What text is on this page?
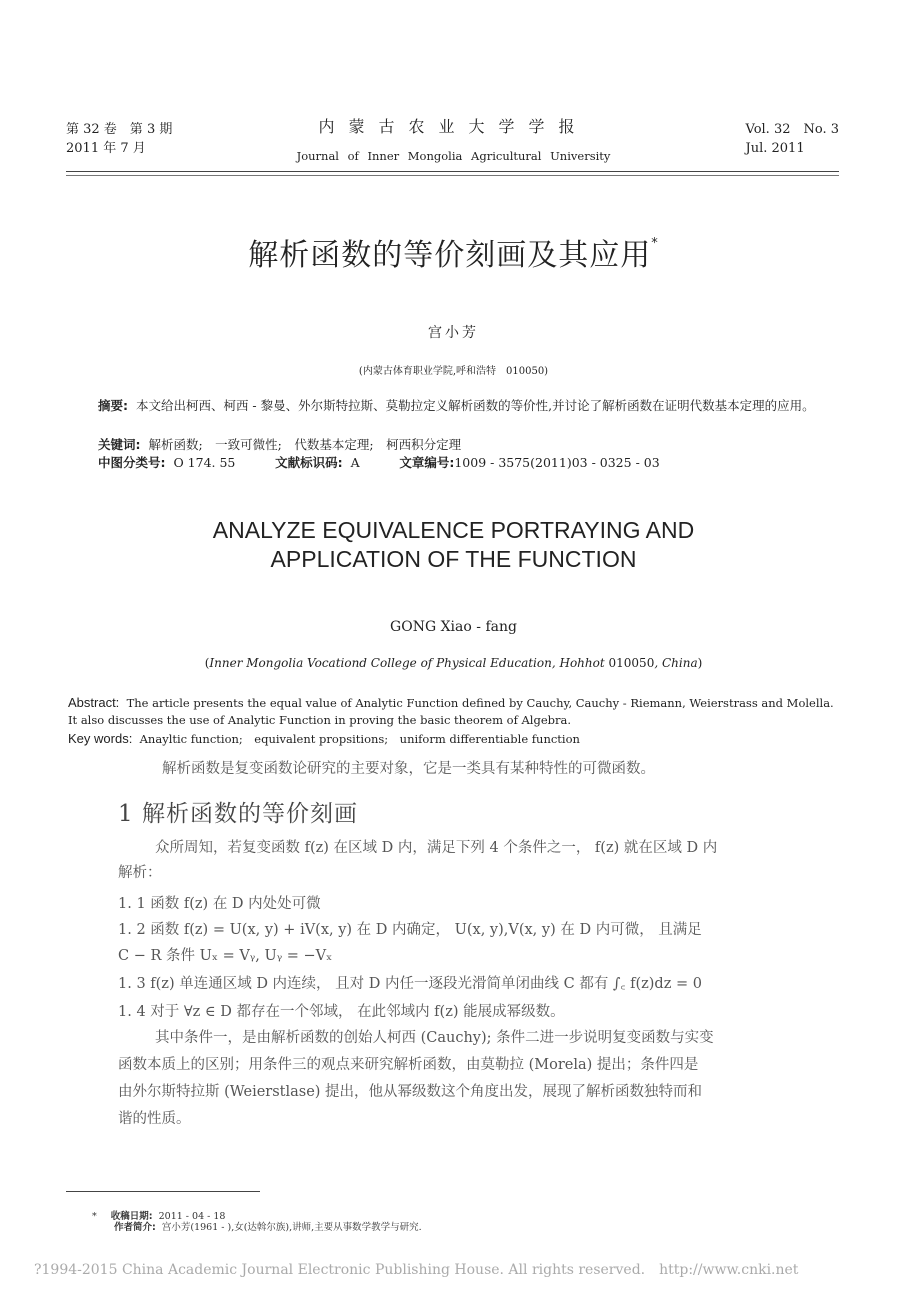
第 32 卷　第 3 期
2011 年 7 月
内蒙古农业大学学报
Journal of Inner Mongolia Agricultural University
Vol. 32　No. 3
Jul. 2011
解析函数的等价刻画及其应用*
宫小芳
(内蒙古体育职业学院,呼和浩特　010050)
摘要: 本文给出柯西、柯西 - 黎曼、外尔斯特拉斯、莫勒拉定义解析函数的等价性,并讨论了解析函数在证明代数基本定理的应用。
关键词: 解析函数;　一致可微性;　代数基本定理;　柯西积分定理
中图分类号: O 174. 55	文献标识码: A	文章编号:1009 - 3575(2011)03 - 0325 - 03
ANALYZE EQUIVALENCE PORTRAYING AND
APPLICATION OF THE FUNCTION
GONG Xiao - fang
(Inner Mongolia Vocationd College of Physical Education, Hohhot 010050, China)
Abstract: The article presents the equal value of Analytic Function defined by Cauchy, Cauchy - Riemann, Weierstrass and Molella. It also discusses the use of Analytic Function in proving the basic theorem of Algebra.
Key words: Anayltic function;　equivalent propsitions;　uniform differentiable function
解析函数是复变函数论研究的主要对象，它是一类具有某种特性的可微函数。
1 解析函数的等价刻画
众所周知，若复变函数 f(z) 在区域 D 内，满足下列 4 个条件之一， f(z) 就在区域 D 内
解析：
1. 1 函数 f(z) 在 D 内处处可微
1. 2 函数 f(z) = U(x, y) + iV(x, y) 在 D 内确定， U(x, y),V(x, y) 在 D 内可微， 且满足
C − R 条件 Uₓ = Vᵧ, Uᵧ = −Vₓ
1. 3 f(z) 单连通区域 D 内连续， 且对 D 内任一逐段光滑简单闭曲线 C 都有 ∫꜀ f(z)dz = 0
1. 4 对于 ∀z ∈ D 都存在一个邻域， 在此邻域内 f(z) 能展成幂级数。
其中条件一，是由解析函数的创始人柯西 (Cauchy); 条件二进一步说明复变函数与实变
函数本质上的区别；用条件三的观点来研究解析函数，由莫勒拉 (Morela) 提出；条件四是
由外尔斯特拉斯 (Weierstlase) 提出，他从幂级数这个角度出发，展现了解析函数独特而和
谐的性质。
* 收稿日期: 2011 - 04 - 18
作者简介: 宫小芳(1961 - ),女(达斡尔族),讲师,主要从事数学教学与研究.
?1994-2015 China Academic Journal Electronic Publishing House. All rights reserved.　http://www.cnki.net
